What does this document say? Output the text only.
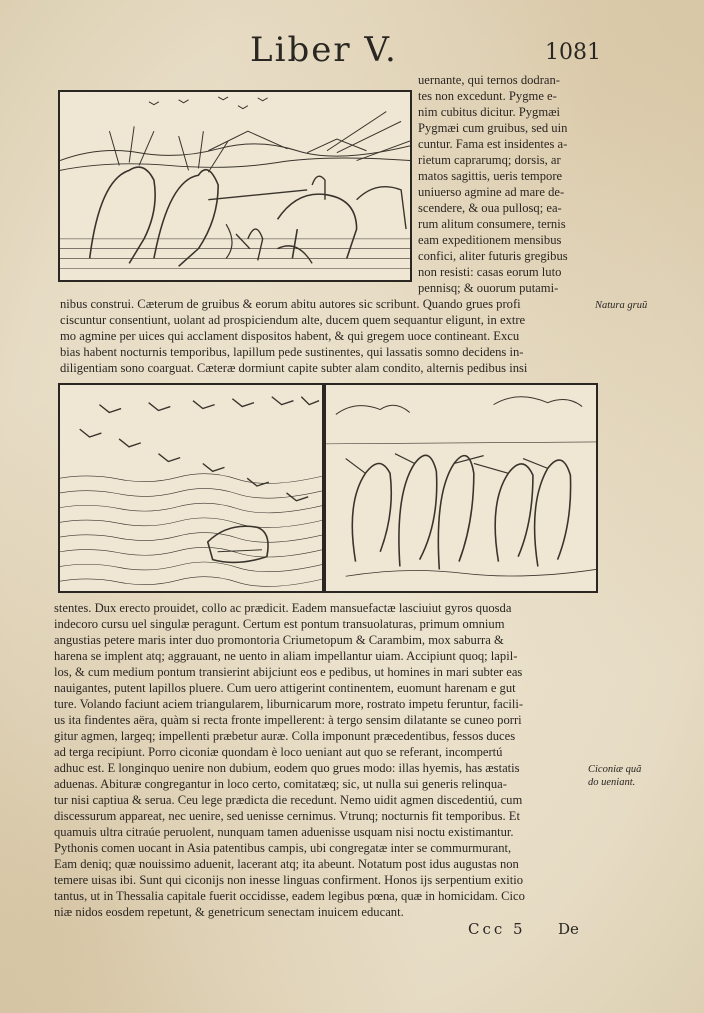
Liber V.	1081
uernante, qui ternos dodran-
tes non excedunt. Pygme e-
nim cubitus dicitur. Pygmæi
Pygmæi cum gruibus, sed uin
cuntur. Fama est insidentes a-
rietum caprarumq; dorsis, ar
matos sagittis, ueris tempore
uniuerso agmine ad mare de-
scendere, & oua pullosq; ea-
rum alitum consumere, ternis
eam expeditionem mensibus
confici, aliter futuris gregibus
non resisti: casas eorum luto
pennisq; & ouorum putami-
nibus construi. Cæterum de gruibus & eorum abitu autores sic scribunt. Quando grues profi
ciscuntur consentiunt, uolant ad prospiciendum alte, ducem quem sequantur eligunt, in extre
mo agmine per uices qui acclament dispositos habent, & qui gregem uoce contineant. Excu
bias habent nocturnis temporibus, lapillum pede sustinentes, qui lassatis somno decidens in-
diligentiam sono coarguat. Cæteræ dormiunt capite subter alam condito, alternis pedibus insi
Natura gruũ
stentes. Dux erecto prouidet, collo ac prædicit. Eadem mansuefactæ lasciuiut gyros quosda
indecoro cursu uel singulæ peragunt. Certum est pontum transuolaturas, primum omnium
angustias petere maris inter duo promontoria Criumetopum & Carambim, mox saburra &
harena se implent atq; aggrauant, ne uento in aliam impellantur uiam. Accipiunt quoq; lapil-
los, & cum medium pontum transierint abijciunt eos e pedibus, ut homines in mari subter eas
nauigantes, putent lapillos pluere. Cum uero attigerint continentem, euomunt harenam e gut
ture. Volando faciunt aciem triangularem, liburnicarum more, rostrato impetu feruntur, facili-
us ita findentes aëra, quàm si recta fronte impellerent: à tergo sensim dilatante se cuneo porri
gitur agmen, largeq; impellenti præbetur auræ. Colla imponunt præcedentibus, fessos duces
ad terga recipiunt. Porro ciconiæ quondam è loco ueniant aut quo se referant, incompertú
adhuc est. E longinquo uenire non dubium, eodem quo grues modo: illas hyemis, has æstatis
aduenas. Abituræ congregantur in loco certo, comitatæq; sic, ut nulla sui generis relinqua-
tur nisi captiua & serua. Ceu lege prædicta die recedunt. Nemo uidit agmen discedentiú, cum
discessurum appareat, nec uenire, sed uenisse cernimus. Vtrunq; nocturnis fit temporibus. Et
quamuis ultra citraúe peruolent, nunquam tamen aduenisse usquam nisi noctu existimantur.
Pythonis comen uocant in Asia patentibus campis, ubi congregatæ inter se commurmurant,
Eam deniq; quæ nouissimo aduenit, lacerant atq; ita abeunt. Notatum post idus augustas non
temere uisas ibi. Sunt qui ciconijs non inesse linguas confirment. Honos ijs serpentium exitio
tantus, ut in Thessalia capitale fuerit occidisse, eadem legibus pœna, quæ in homicidam. Cico
niæ nidos eosdem repetunt, & genetricum senectam inuicem educant.
Ciconiæ quã
do ueniant.
Ccc 5 De
